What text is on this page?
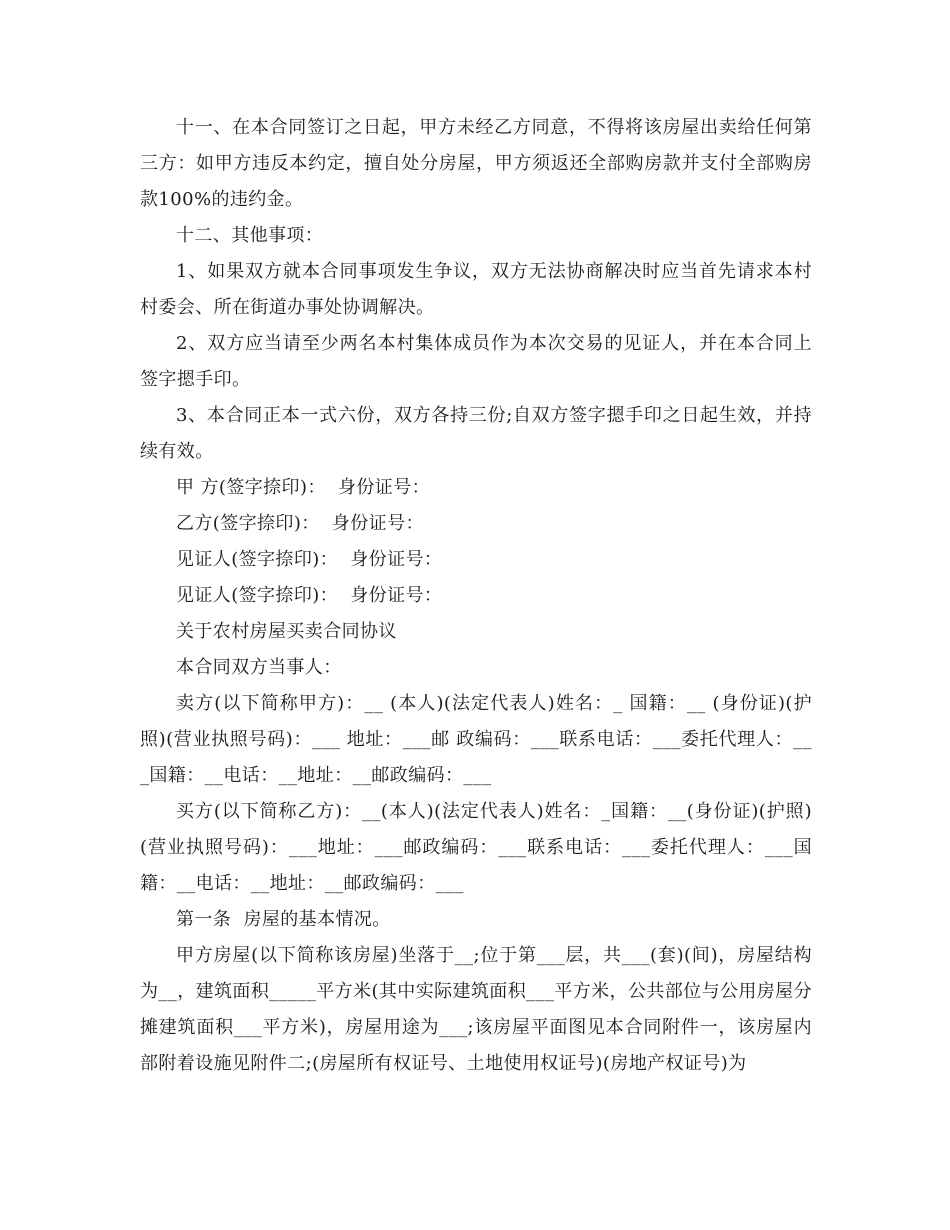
十一、在本合同签订之日起，甲方未经乙方同意，不得将该房屋出卖给任何第三方：如甲方违反本约定，擅自处分房屋，甲方须返还全部购房款并支付全部购房款100%的违约金。

十二、其他事项：

1、如果双方就本合同事项发生争议，双方无法协商解决时应当首先请求本村村委会、所在街道办事处协调解决。

2、双方应当请至少两名本村集体成员作为本次交易的见证人，并在本合同上签字摁手印。

3、本合同正本一式六份，双方各持三份;自双方签字摁手印之日起生效，并持续有效。

甲 方(签字捺印)：  身份证号：

乙方(签字捺印)：  身份证号：

见证人(签字捺印)：  身份证号：

见证人(签字捺印)：  身份证号：

关于农村房屋买卖合同协议

本合同双方当事人：

卖方(以下简称甲方)：__ (本人)(法定代表人)姓名：_ 国籍：__ (身份证)(护照)(营业执照号码)：___ 地址：___邮 政编码：___联系电话：___委托代理人：___国籍：__电话：__地址：__邮政编码：___

买方(以下简称乙方)：__(本人)(法定代表人)姓名：_国籍：__(身份证)(护照)(营业执照号码)：___地址：___邮政编码：___联系电话：___委托代理人：___国籍：__电话：__地址：__邮政编码：___

第一条  房屋的基本情况。

甲方房屋(以下简称该房屋)坐落于__;位于第___层，共___(套)(间)，房屋结构为__，建筑面积_____平方米(其中实际建筑面积___平方米，公共部位与公用房屋分摊建筑面积___平方米)，房屋用途为___;该房屋平面图见本合同附件一，该房屋内部附着设施见附件二;(房屋所有权证号、土地使用权证号)(房地产权证号)为
